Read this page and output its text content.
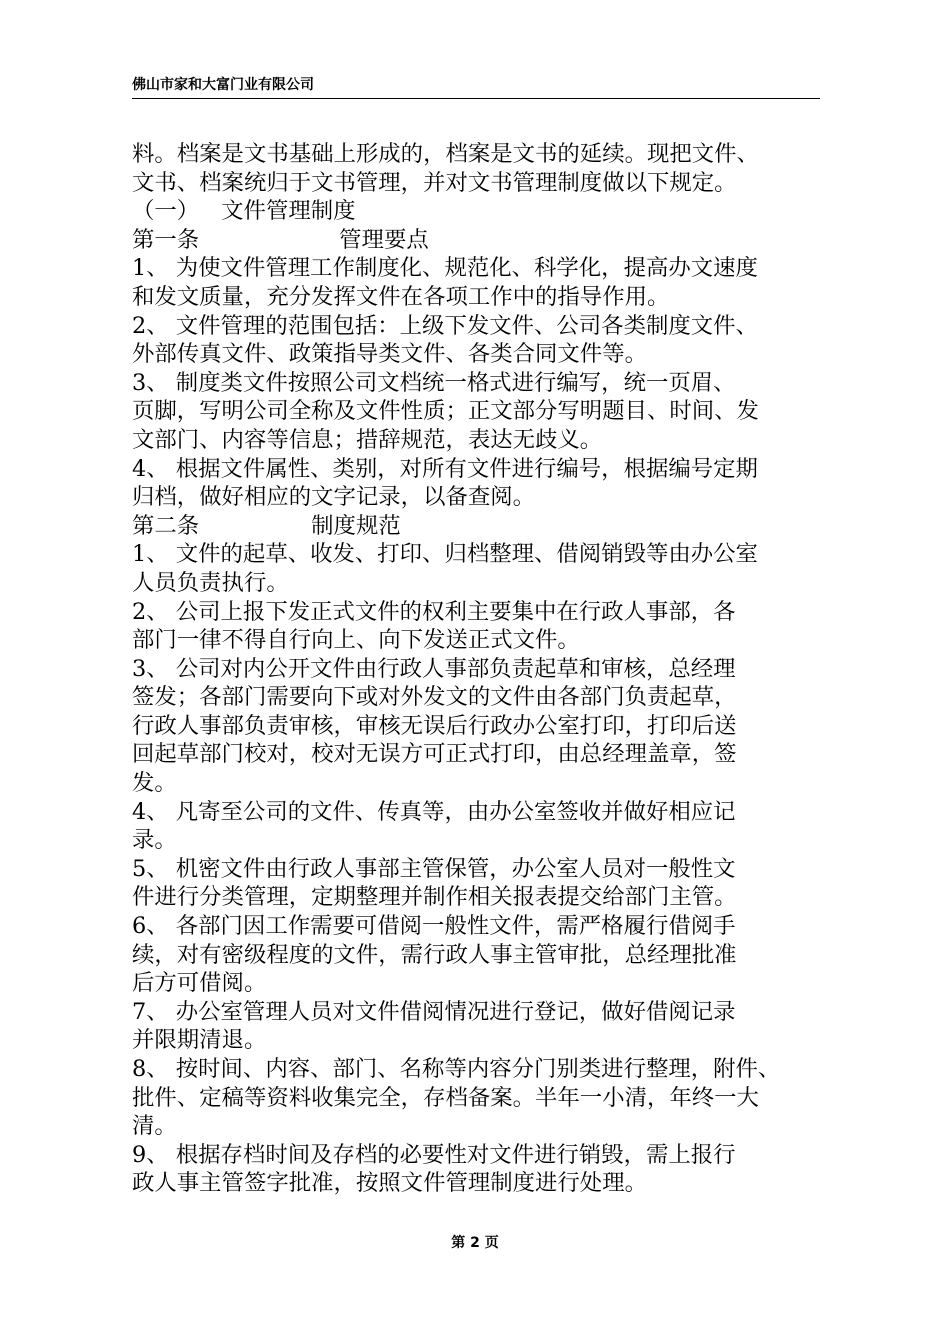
佛山市家和大富门业有限公司
料。档案是文书基础上形成的，档案是文书的延续。现把文件、
文书、档案统归于文书管理，并对文书管理制度做以下规定。
（一） 文件管理制度
第一条	管理要点
1、 为使文件管理工作制度化、规范化、科学化，提高办文速度
和发文质量，充分发挥文件在各项工作中的指导作用。
2、 文件管理的范围包括：上级下发文件、公司各类制度文件、
外部传真文件、政策指导类文件、各类合同文件等。
3、 制度类文件按照公司文档统一格式进行编写，统一页眉、
页脚，写明公司全称及文件性质；正文部分写明题目、时间、发
文部门、内容等信息；措辞规范，表达无歧义。
4、 根据文件属性、类别，对所有文件进行编号，根据编号定期
归档，做好相应的文字记录，以备查阅。
第二条	制度规范
1、 文件的起草、收发、打印、归档整理、借阅销毁等由办公室
人员负责执行。
2、 公司上报下发正式文件的权利主要集中在行政人事部，各
部门一律不得自行向上、向下发送正式文件。
3、 公司对内公开文件由行政人事部负责起草和审核，总经理
签发；各部门需要向下或对外发文的文件由各部门负责起草，
行政人事部负责审核，审核无误后行政办公室打印，打印后送
回起草部门校对，校对无误方可正式打印，由总经理盖章，签
发。
4、 凡寄至公司的文件、传真等，由办公室签收并做好相应记
录。
5、 机密文件由行政人事部主管保管，办公室人员对一般性文
件进行分类管理，定期整理并制作相关报表提交给部门主管。
6、 各部门因工作需要可借阅一般性文件，需严格履行借阅手
续，对有密级程度的文件，需行政人事主管审批，总经理批准
后方可借阅。
7、 办公室管理人员对文件借阅情况进行登记，做好借阅记录
并限期清退。
8、 按时间、内容、部门、名称等内容分门别类进行整理，附件、
批件、定稿等资料收集完全，存档备案。半年一小清，年终一大
清。
9、 根据存档时间及存档的必要性对文件进行销毁，需上报行
政人事主管签字批准，按照文件管理制度进行处理。
第 2 页
